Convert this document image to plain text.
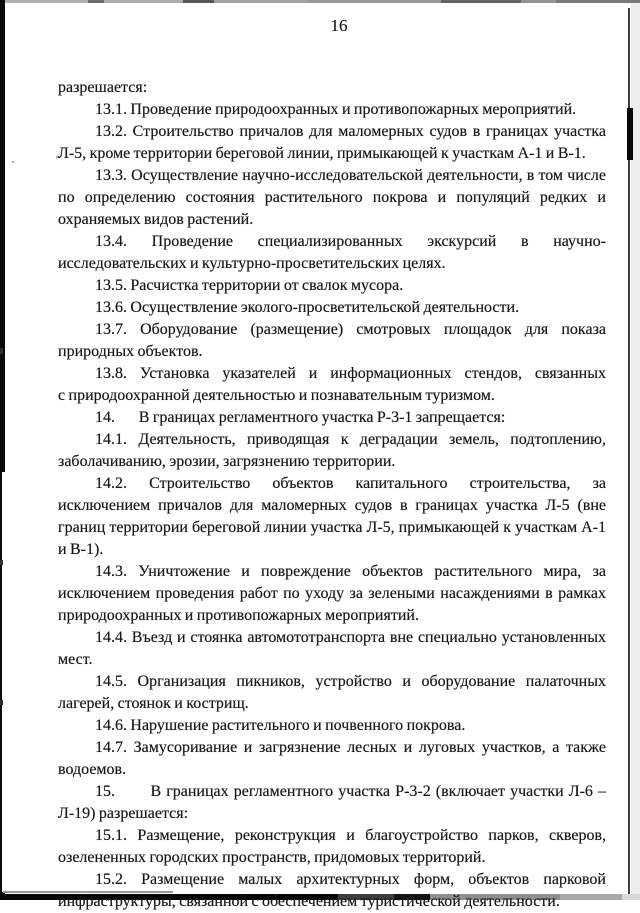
16

разрешается:

13.1. Проведение природоохранных и противопожарных мероприятий.

13.2. Строительство причалов для маломерных судов в границах участка Л-5, кроме территории береговой линии, примыкающей к участкам А-1 и В-1.

13.3. Осуществление научно-исследовательской деятельности, в том числе по определению состояния растительного покрова и популяций редких и охраняемых видов растений.

13.4. Проведение специализированных экскурсий в научно-исследовательских и культурно-просветительских целях.

13.5. Расчистка территории от свалок мусора.

13.6. Осуществление эколого-просветительской деятельности.

13.7. Оборудование (размещение) смотровых площадок для показа природных объектов.

13.8. Установка указателей и информационных стендов, связанных с природоохранной деятельностью и познавательным туризмом.

14.       В границах регламентного участка Р-3-1 запрещается:

14.1. Деятельность, приводящая к деградации земель, подтоплению, заболачиванию, эрозии, загрязнению территории.

14.2. Строительство объектов капитального строительства, за исключением причалов для маломерных судов в границах участка Л-5 (вне границ территории береговой линии участка Л-5, примыкающей к участкам А-1 и В-1).

14.3. Уничтожение и повреждение объектов растительного мира, за исключением проведения работ по уходу за зелеными насаждениями в рамках природоохранных и противопожарных мероприятий.

14.4. Въезд и стоянка автомототранспорта вне специально установленных мест.

14.5. Организация пикников, устройство и оборудование палаточных лагерей, стоянок и кострищ.

14.6. Нарушение растительного и почвенного покрова.

14.7. Замусоривание и загрязнение лесных и луговых участков, а также водоемов.

15.       В границах регламентного участка Р-3-2 (включает участки Л-6 – Л-19) разрешается:

15.1. Размещение, реконструкция и благоустройство парков, скверов, озелененных городских пространств, придомовых территорий.

15.2. Размещение малых архитектурных форм, объектов парковой инфраструктуры, связанной с обеспечением туристической деятельности.
